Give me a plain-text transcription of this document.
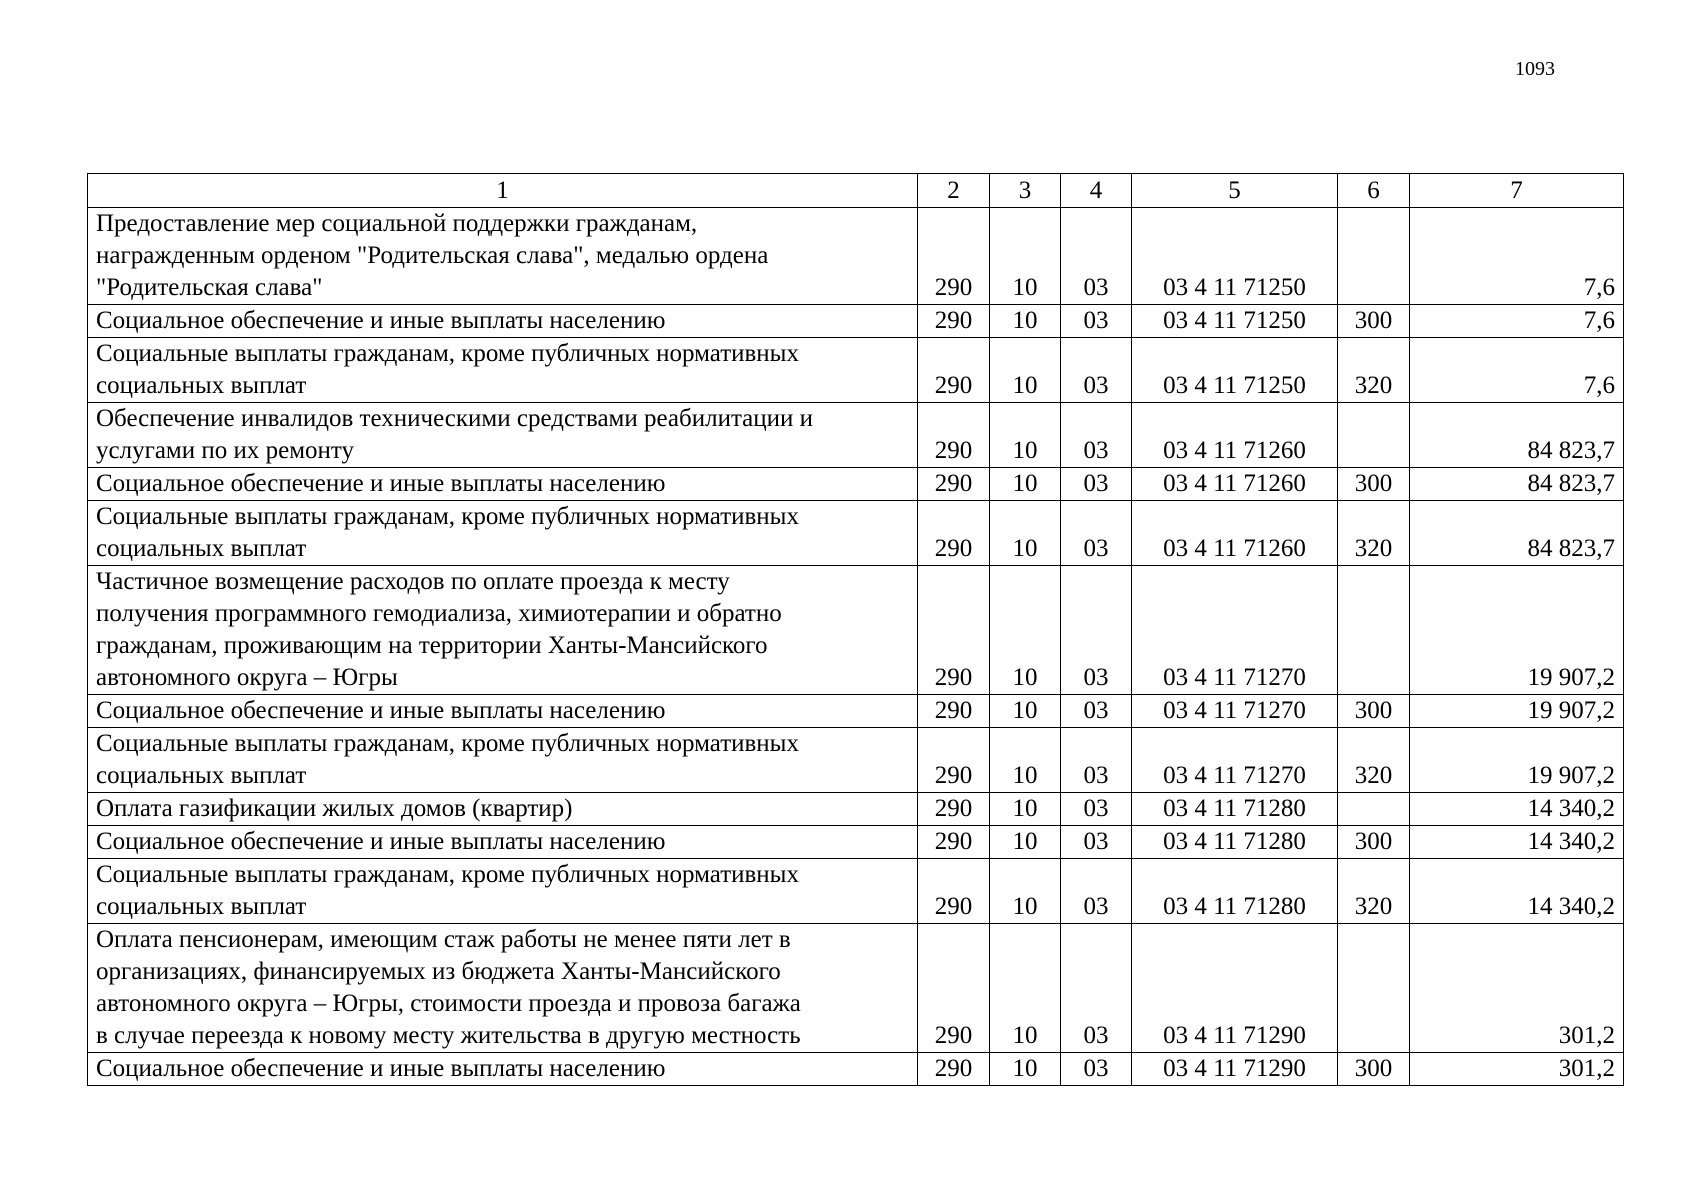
1093
1	2	3	4	5	6	7

Предоставление мер социальной поддержки гражданам,
награжденным орденом "Родительская слава", медалью ордена
"Родительская слава"	290	10	03	03 4 11 71250		7,6

Социальное обеспечение и иные выплаты населению	290	10	03	03 4 11 71250	300	7,6

Социальные выплаты гражданам, кроме публичных нормативных
социальных выплат	290	10	03	03 4 11 71250	320	7,6

Обеспечение инвалидов техническими средствами реабилитации и
услугами по их ремонту	290	10	03	03 4 11 71260		84 823,7

Социальное обеспечение и иные выплаты населению	290	10	03	03 4 11 71260	300	84 823,7

Социальные выплаты гражданам, кроме публичных нормативных
социальных выплат	290	10	03	03 4 11 71260	320	84 823,7

Частичное возмещение расходов по оплате проезда к месту
получения программного гемодиализа, химиотерапии и обратно
гражданам, проживающим на территории Ханты-Мансийского
автономного округа – Югры	290	10	03	03 4 11 71270		19 907,2

Социальное обеспечение и иные выплаты населению	290	10	03	03 4 11 71270	300	19 907,2

Социальные выплаты гражданам, кроме публичных нормативных
социальных выплат	290	10	03	03 4 11 71270	320	19 907,2

Оплата газификации жилых домов (квартир)	290	10	03	03 4 11 71280		14 340,2

Социальное обеспечение и иные выплаты населению	290	10	03	03 4 11 71280	300	14 340,2

Социальные выплаты гражданам, кроме публичных нормативных
социальных выплат	290	10	03	03 4 11 71280	320	14 340,2

Оплата пенсионерам, имеющим стаж работы не менее пяти лет в
организациях, финансируемых из бюджета Ханты-Мансийского
автономного округа – Югры, стоимости проезда и провоза багажа
в случае переезда к новому месту жительства в другую местность	290	10	03	03 4 11 71290		301,2

Социальное обеспечение и иные выплаты населению	290	10	03	03 4 11 71290	300	301,2
